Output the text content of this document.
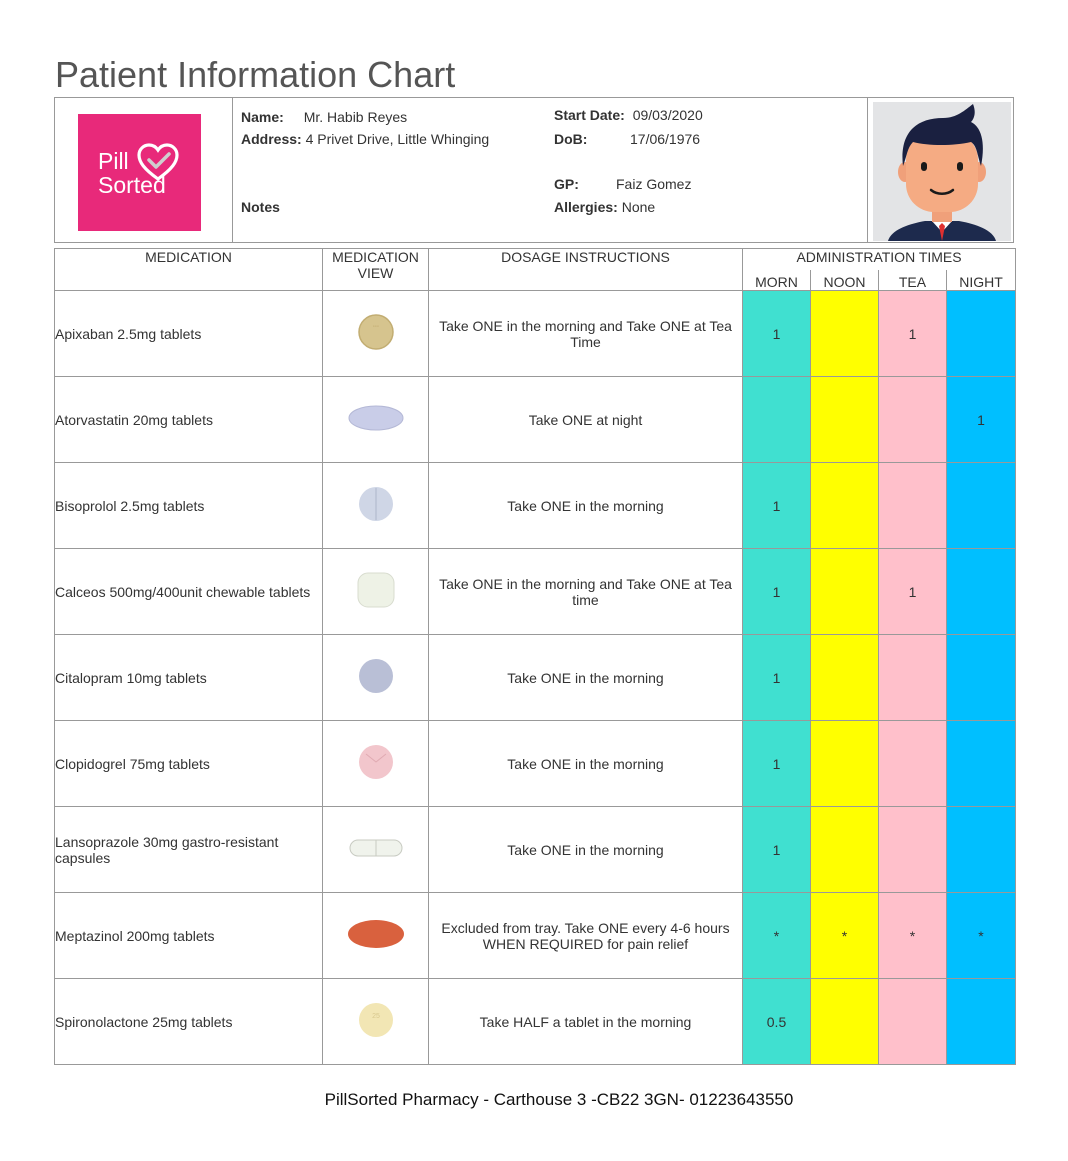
Patient Information Chart
Pill
Sorted
Name: Mr. Habib Reyes
Address: 4 Privet Drive, Little Whinging
Notes
Start Date: 09/03/2020
DoB:	17/06/1976
GP:	Faiz Gomez
Allergies: None
MEDICATION	MEDICATION VIEW	DOSAGE INSTRUCTIONS	ADMINISTRATION TIMES			
			MORN	NOON	TEA	NIGHT
Apixaban 2.5mg tablets	◦◦◦	Take ONE in the morning and Take ONE at Tea Time	1		1	
Atorvastatin 20mg tablets		Take ONE at night				1
Bisoprolol 2.5mg tablets		Take ONE in the morning	1			
Calceos 500mg/400unit chewable tablets		Take ONE in the morning and Take ONE at Tea time	1		1	
Citalopram 10mg tablets		Take ONE in the morning	1			
Clopidogrel 75mg tablets		Take ONE in the morning	1			
Lansoprazole 30mg gastro-resistant capsules		Take ONE in the morning	1			
Meptazinol 200mg tablets		Excluded from tray. Take ONE every 4-6 hours WHEN REQUIRED for pain relief	*	*	*	*
Spironolactone 25mg tablets	25	Take HALF a tablet in the morning	0.5			
PillSorted Pharmacy - Carthouse 3 -CB22 3GN- 01223643550
